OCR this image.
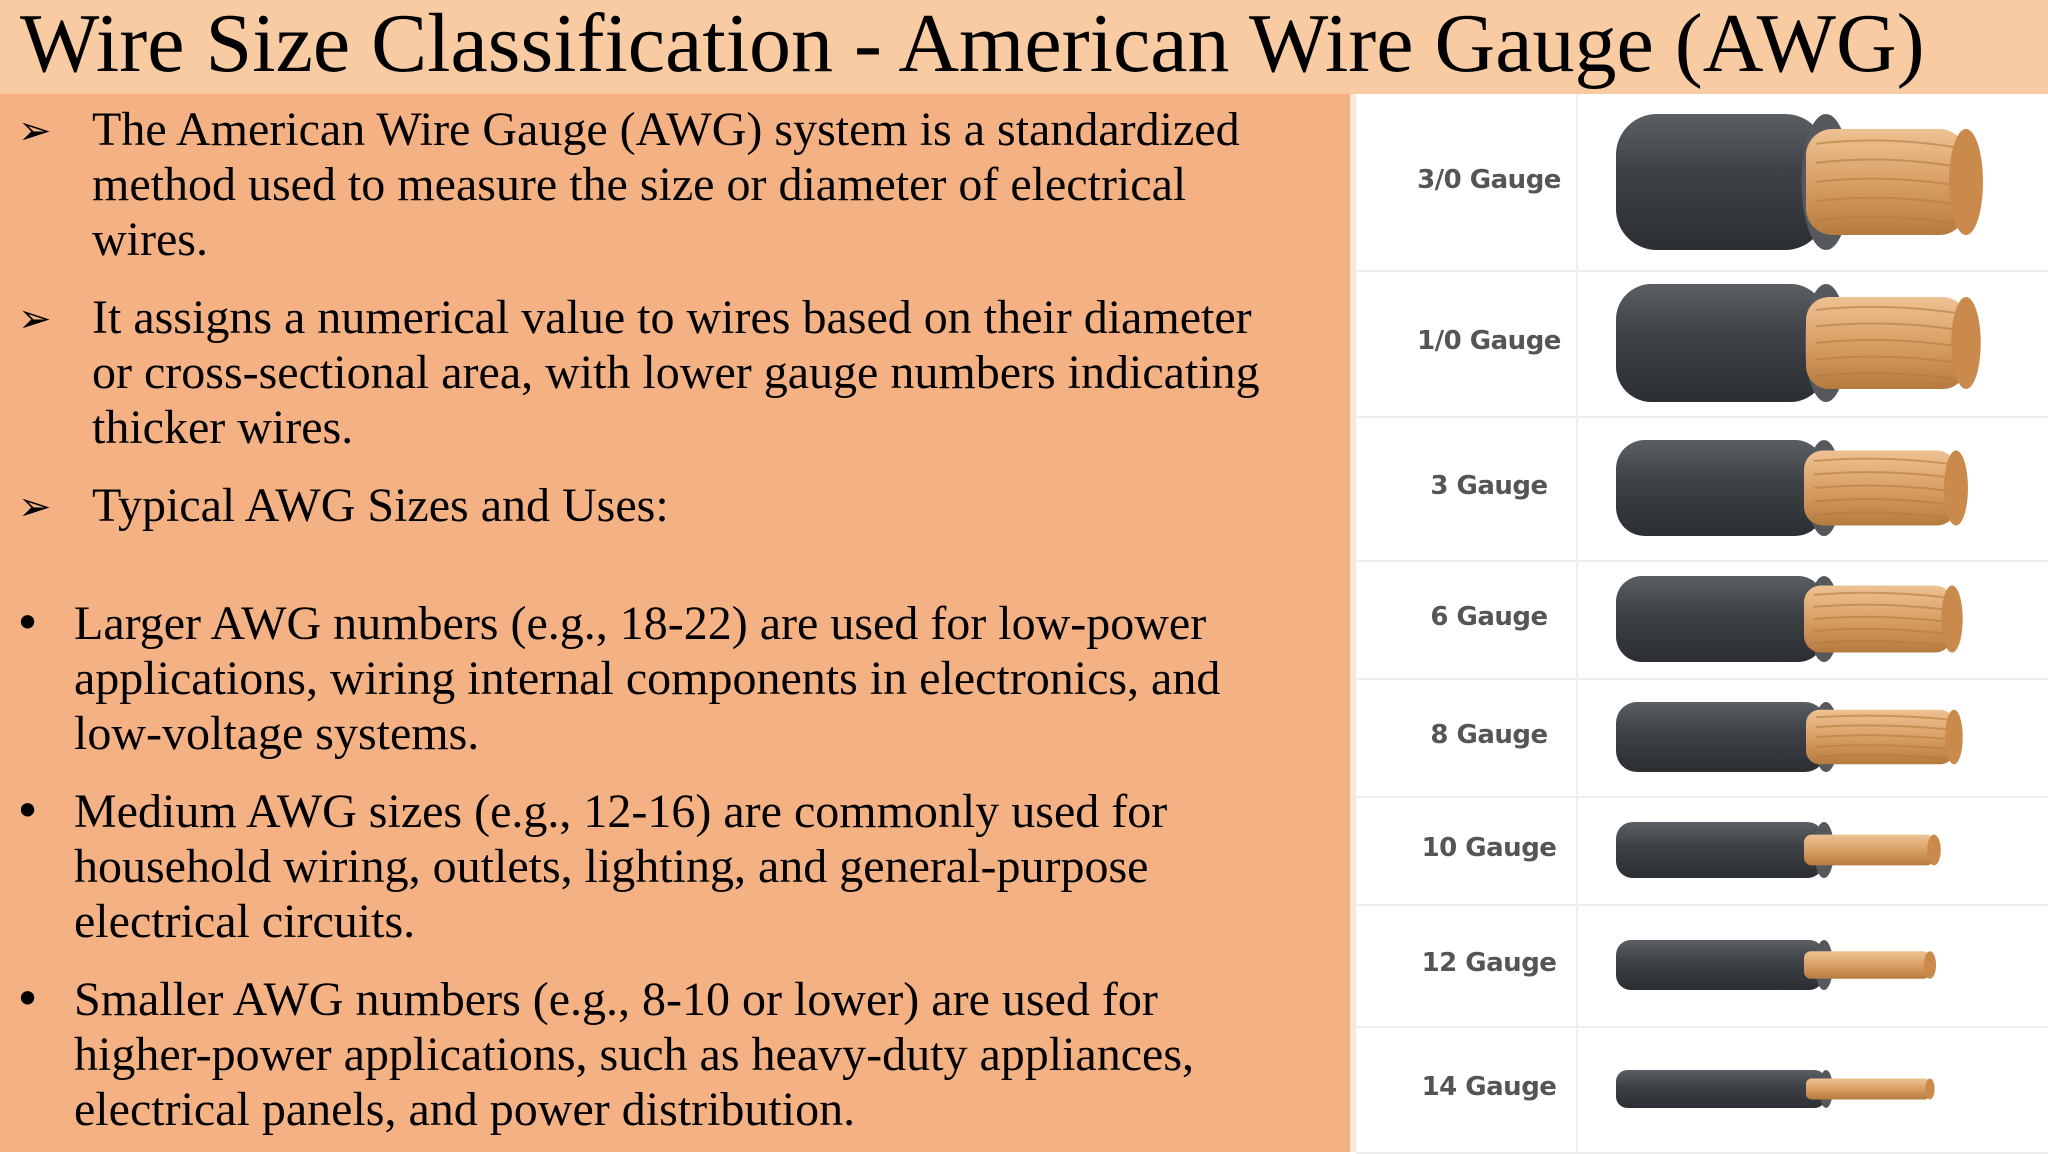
Wire Size Classification - American Wire Gauge (AWG)
➢ The American Wire Gauge (AWG) system is a standardized
method used to measure the size or diameter of electrical
wires.
➢ It assigns a numerical value to wires based on their diameter
or cross-sectional area, with lower gauge numbers indicating
thicker wires.
➢ Typical AWG Sizes and Uses:
• Larger AWG numbers (e.g., 18-22) are used for low-power
applications, wiring internal components in electronics, and
low-voltage systems.
• Medium AWG sizes (e.g., 12-16) are commonly used for
household wiring, outlets, lighting, and general-purpose
electrical circuits.
• Smaller AWG numbers (e.g., 8-10 or lower) are used for
higher-power applications, such as heavy-duty appliances,
electrical panels, and power distribution.
3/0 Gauge
1/0 Gauge
3 Gauge
6 Gauge
8 Gauge
10 Gauge
12 Gauge
14 Gauge
